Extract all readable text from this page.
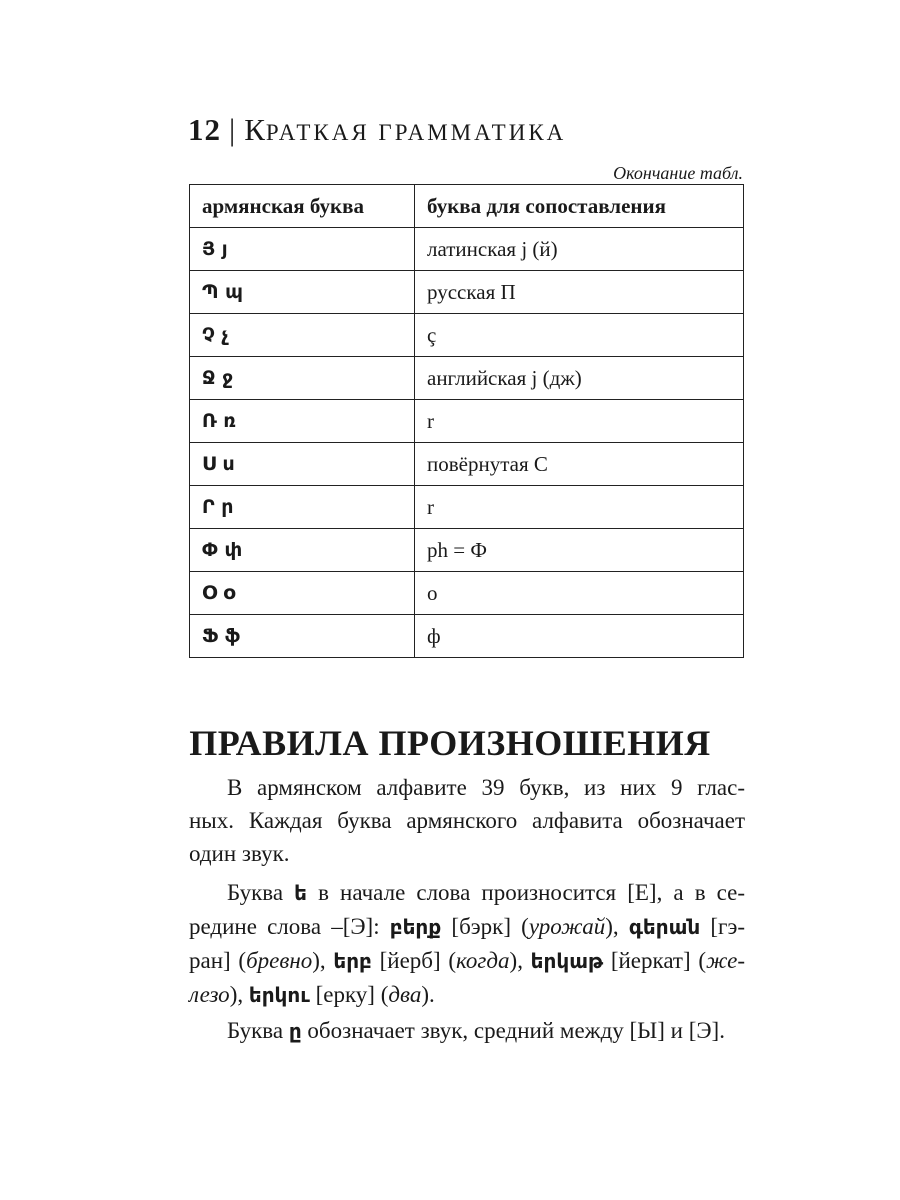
12 | КРАТКАЯ ГРАММАТИКА
Окончание табл.
армянская буква	буква для сопоставления
Յ յ	латинская j (й)
Պ պ	русская П
Չ չ	ç
Ջ ջ	английская j (дж)
Ռ ռ	r
Ս ս	повёрнутая С
Ր ր	r
Փ փ	ph = Ф
Օ օ	o
Ֆ ֆ	ф
ПРАВИЛА ПРОИЗНОШЕНИЯ
В армянском алфавите 39 букв, из них 9 глас-
ных. Каждая буква армянского алфавита обозначает
один звук.
Буква ե в начале слова произносится [Е], а в се-
редине слова –[Э]: բերք [бэрк] (урожай), գերան [гэ-
ран] (бревно), երբ [йерб] (когда), երկաթ [йеркат] (же-
лезо), երկու [ерку] (два).
Буква ը обозначает звук, средний между [Ы] и [Э].
